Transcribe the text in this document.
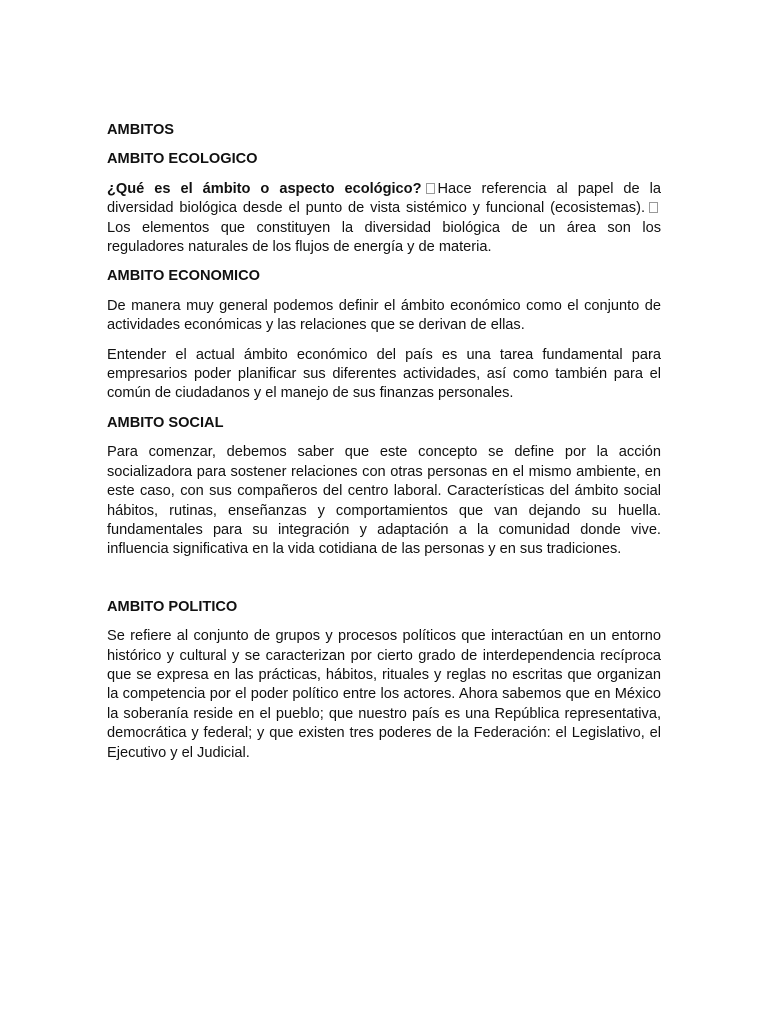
AMBITOS

AMBITO ECOLOGICO

¿Qué es el ámbito o aspecto ecológico? Hace referencia al papel de la diversidad biológica desde el punto de vista sistémico y funcional (ecosistemas). Los elementos que constituyen la diversidad biológica de un área son los reguladores naturales de los flujos de energía y de materia.

AMBITO ECONOMICO

De manera muy general podemos definir el ámbito económico como el conjunto de actividades económicas y las relaciones que se derivan de ellas.

Entender el actual ámbito económico del país es una tarea fundamental para empresarios poder planificar sus diferentes actividades, así como también para el común de ciudadanos y el manejo de sus finanzas personales.

AMBITO SOCIAL

Para comenzar, debemos saber que este concepto se define por la acción socializadora para sostener relaciones con otras personas en el mismo ambiente, en este caso, con sus compañeros del centro laboral. Características del ámbito social hábitos, rutinas, enseñanzas y comportamientos que van dejando su huella. fundamentales para su integración y adaptación a la comunidad donde vive. influencia significativa en la vida cotidiana de las personas y en sus tradiciones.

AMBITO POLITICO

Se refiere al conjunto de grupos y procesos políticos que interactúan en un entorno histórico y cultural y se caracterizan por cierto grado de interdependencia recíproca que se expresa en las prácticas, hábitos, rituales y reglas no escritas que organizan la competencia por el poder político entre los actores. Ahora sabemos que en México la soberanía reside en el pueblo; que nuestro país es una República representativa, democrática y federal; y que existen tres poderes de la Federación: el Legislativo, el Ejecutivo y el Judicial.
